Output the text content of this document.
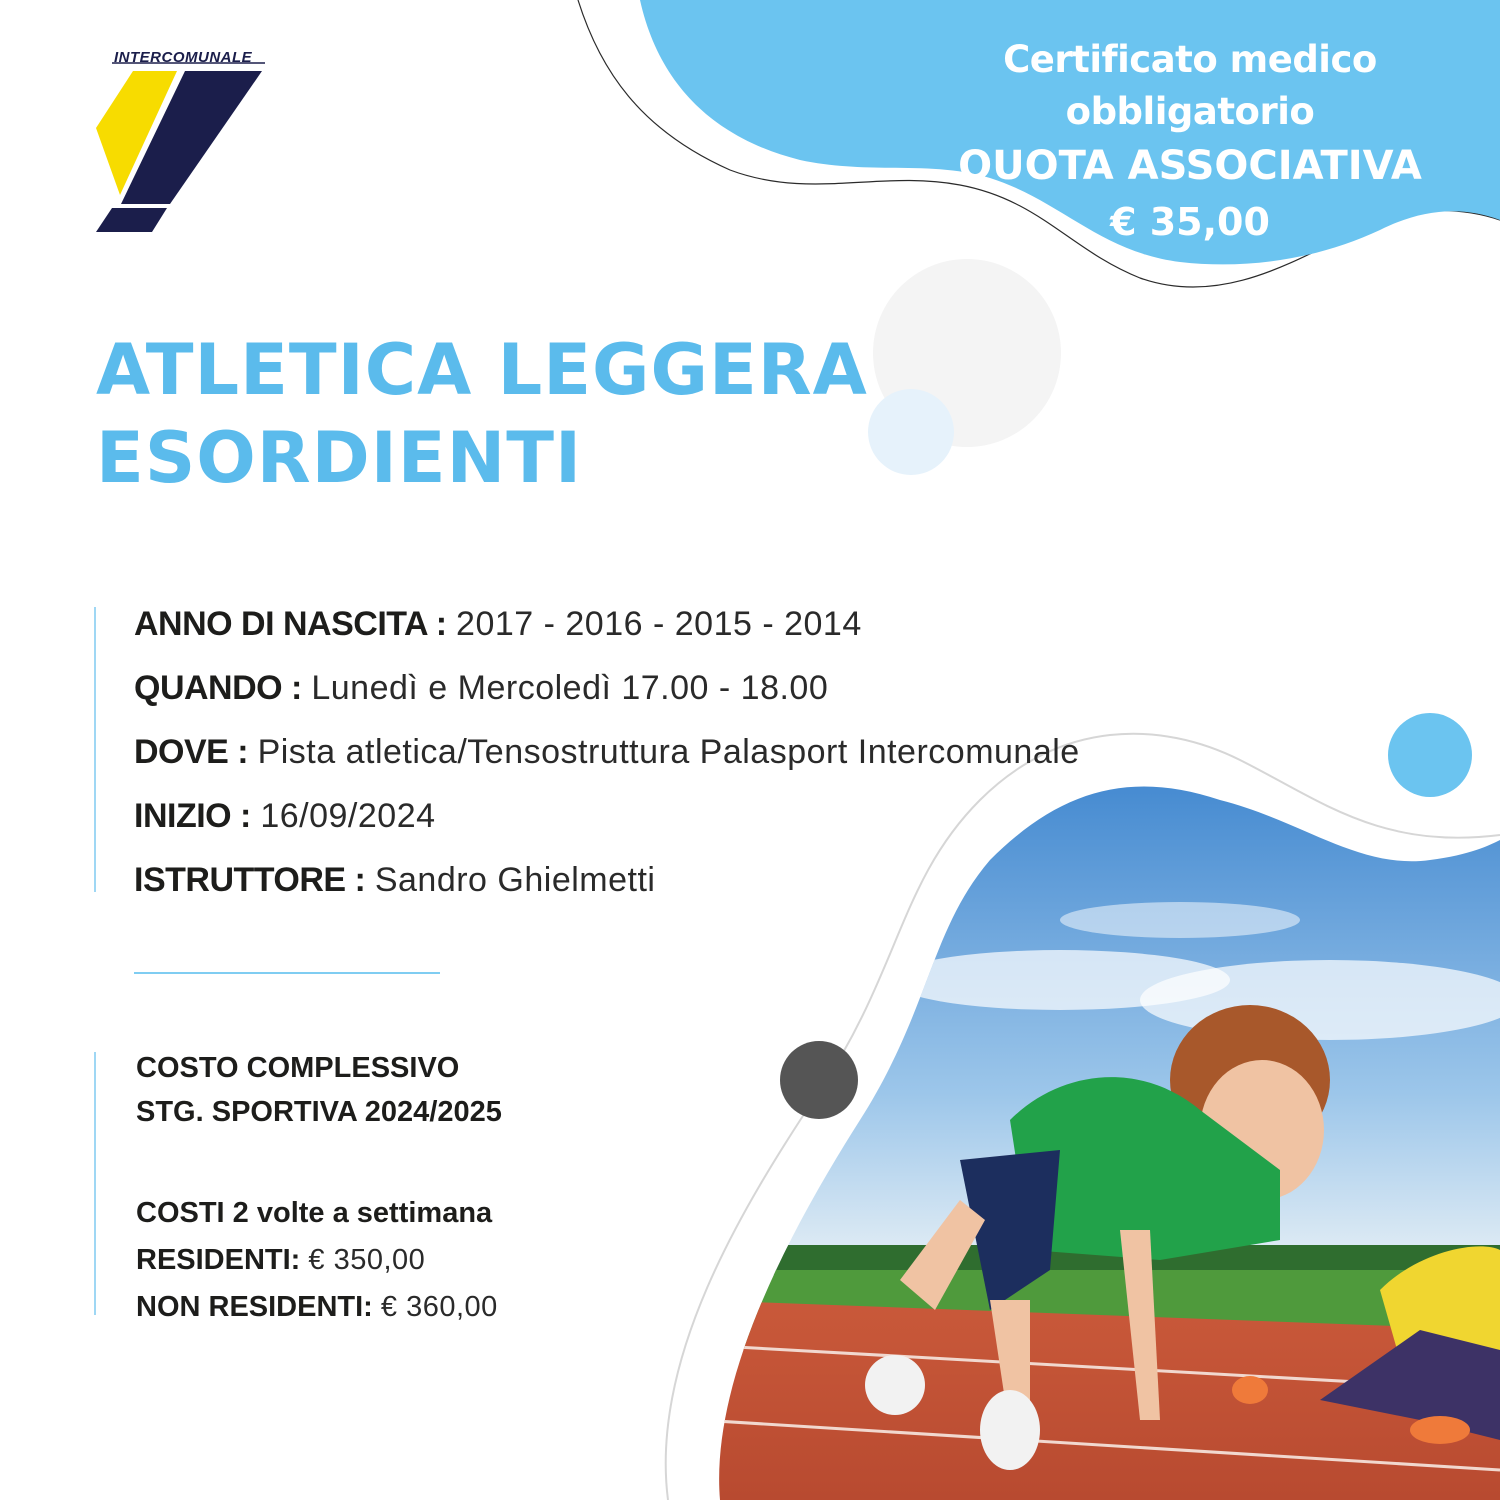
INTERCOMUNALE	Certificato medico obbligatorio
QUOTA ASSOCIATIVA
€ 35,00
ATLETICA LEGGERA
ESORDIENTI
ANNO DI NASCITA : 2017 - 2016 - 2015 - 2014
QUANDO : Lunedì e Mercoledì 17.00 - 18.00
DOVE : Pista atletica/Tensostruttura Palasport Intercomunale
INIZIO : 16/09/2024
ISTRUTTORE : Sandro Ghielmetti
COSTO COMPLESSIVO
STG. SPORTIVA 2024/2025
COSTI 2 volte a settimana
RESIDENTI: € 350,00
NON RESIDENTI: € 360,00
